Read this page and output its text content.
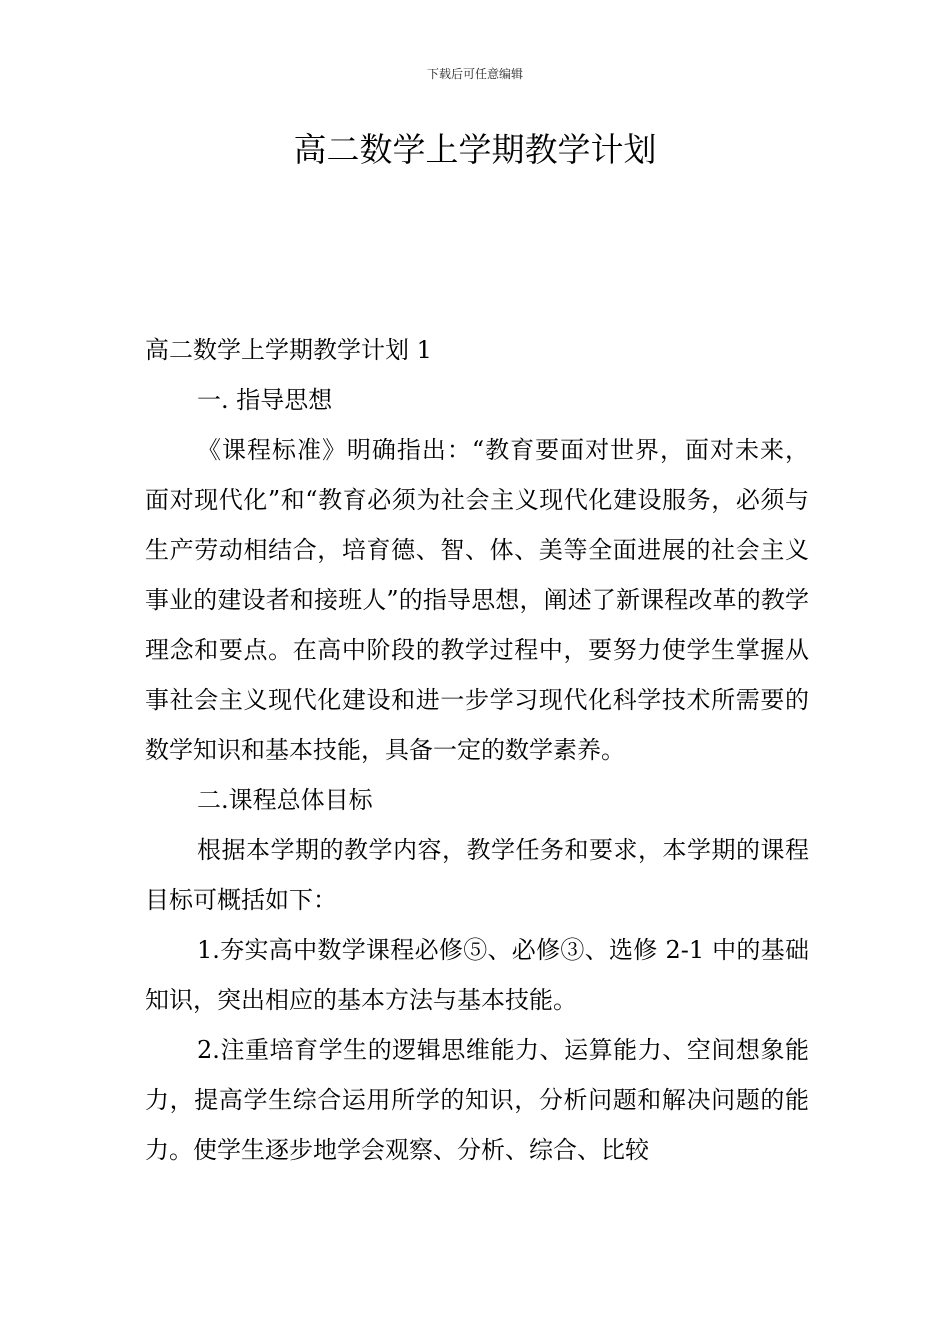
下载后可任意编辑
高二数学上学期教学计划

高二数学上学期教学计划 1

一. 指导思想

《课程标准》明确指出：“教育要面对世界，面对未来，面对现代化”和“教育必须为社会主义现代化建设服务，必须与生产劳动相结合，培育德、智、体、美等全面进展的社会主义事业的建设者和接班人”的指导思想，阐述了新课程改革的教学理念和要点。在高中阶段的教学过程中，要努力使学生掌握从事社会主义现代化建设和进一步学习现代化科学技术所需要的数学知识和基本技能，具备一定的数学素养。

二.课程总体目标

根据本学期的教学内容，教学任务和要求，本学期的课程目标可概括如下：

1.夯实高中数学课程必修⑤、必修③、选修 2-1 中的基础知识，突出相应的基本方法与基本技能。

2.注重培育学生的逻辑思维能力、运算能力、空间想象能力，提高学生综合运用所学的知识，分析问题和解决问题的能力。使学生逐步地学会观察、分析、综合、比较
